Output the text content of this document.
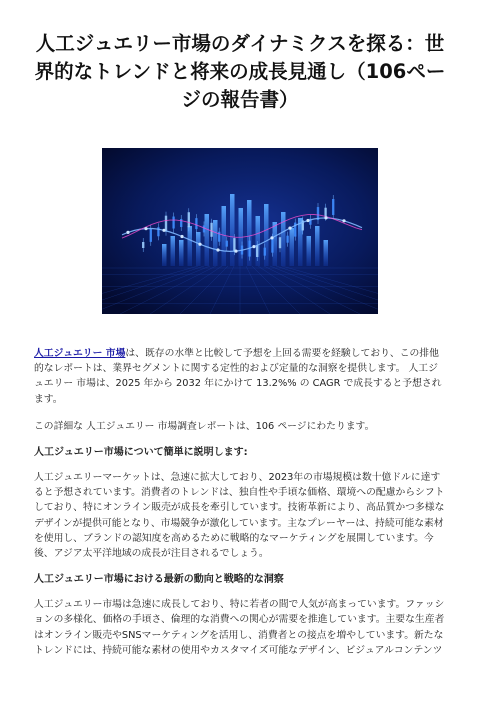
人工ジュエリー市場のダイナミクスを探る：世界的なトレンドと将来の成長見通し（106ページの報告書）

人工ジュエリー 市場は、既存の水準と比較して予想を上回る需要を経験しており、この排他的なレポートは、業界セグメントに関する定性的および定量的な洞察を提供します。 人工ジュエリー 市場は、2025 年から 2032 年にかけて 13.2%% の CAGR で成長すると予想されます。

この詳細な 人工ジュエリー 市場調査レポートは、106 ページにわたります。

人工ジュエリー市場について簡単に説明します:

人工ジュエリーマーケットは、急速に拡大しており、2023年の市場規模は数十億ドルに達すると予想されています。消費者のトレンドは、独自性や手頃な価格、環境への配慮からシフトしており、特にオンライン販売が成長を牽引しています。技術革新により、高品質かつ多様なデザインが提供可能となり、市場競争が激化しています。主なプレーヤーは、持続可能な素材を使用し、ブランドの認知度を高めるために戦略的なマーケティングを展開しています。今後、アジア太平洋地域の成長が注目されるでしょう。

人工ジュエリー市場における最新の動向と戦略的な洞察

人工ジュエリー市場は急速に成長しており、特に若者の間で人気が高まっています。ファッションの多様化、価格の手頃さ、倫理的な消費への関心が需要を推進しています。主要な生産者はオンライン販売やSNSマーケティングを活用し、消費者との接点を増やしています。新たなトレンドには、持続可能な素材の使用やカスタマイズ可能なデザイン、ビジュアルコンテンツ
